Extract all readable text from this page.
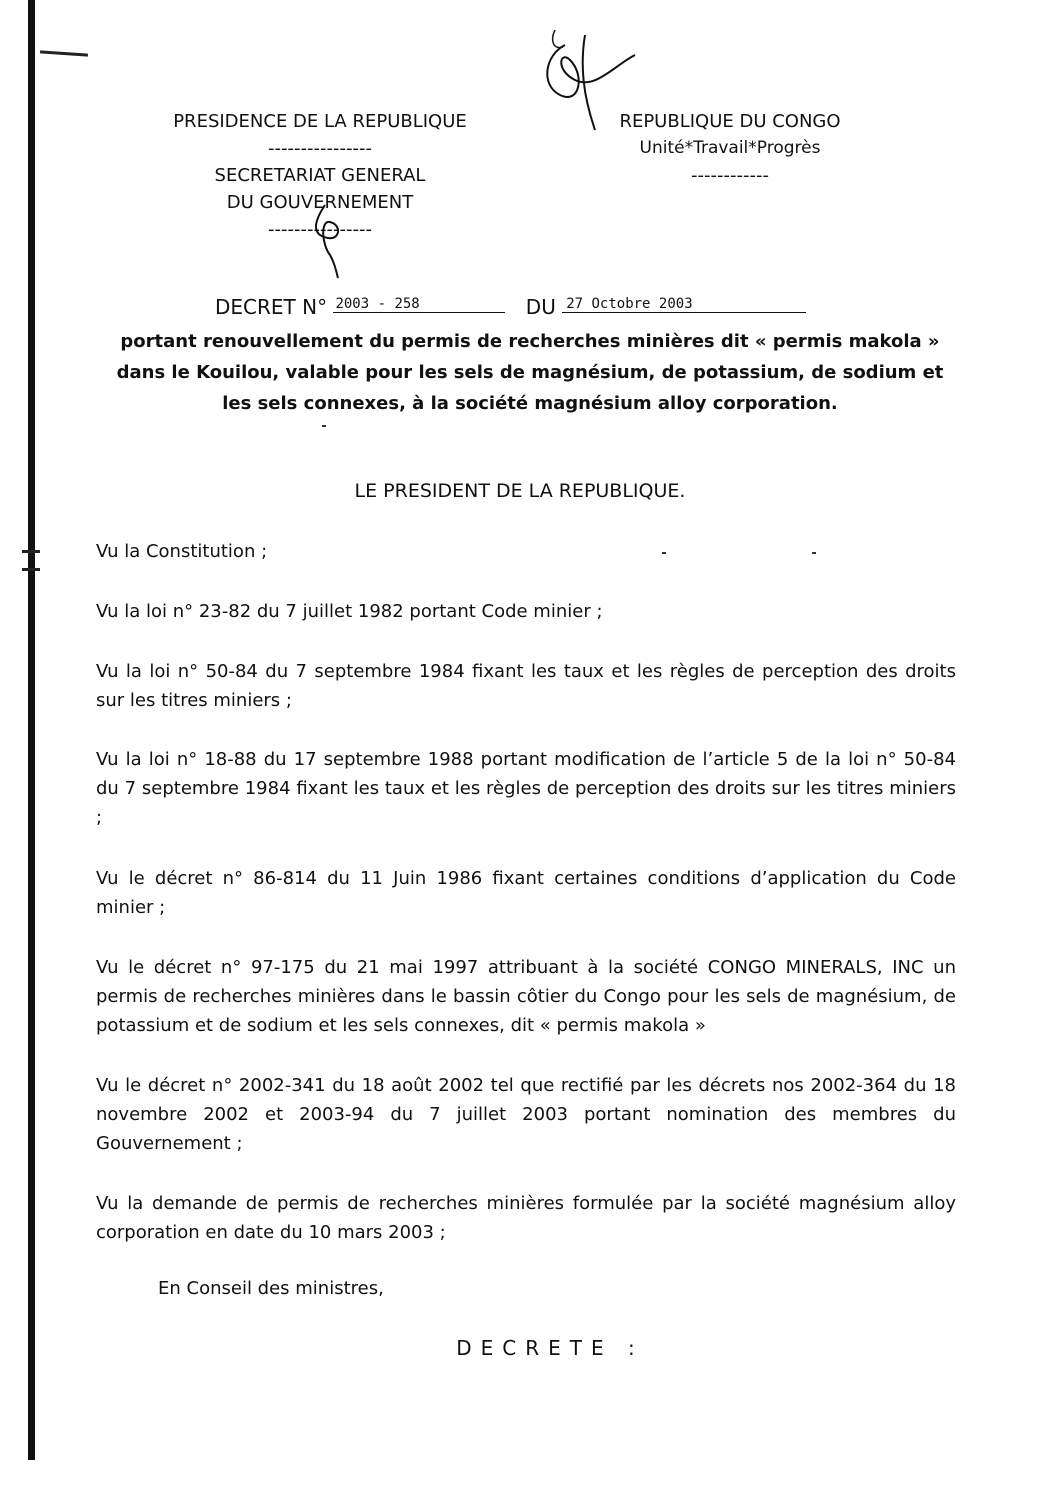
PRESIDENCE DE LA REPUBLIQUE
----------------
SECRETARIAT GENERAL
DU GOUVERNEMENT
----------------
REPUBLIQUE DU CONGO
Unité*Travail*Progrès
------------
DECRET N° 2003 - 258	DU 27 Octobre 2003
portant renouvellement du permis de recherches minières dit « permis makola »
dans le Kouilou, valable pour les sels de magnésium, de potassium, de sodium et
les sels connexes, à la société magnésium alloy corporation.
LE PRESIDENT DE LA REPUBLIQUE.

Vu la Constitution ;

Vu la loi n° 23-82 du 7 juillet 1982 portant Code minier ;

Vu la loi n° 50-84 du 7 septembre 1984 fixant les taux et les règles de perception des droits sur les titres miniers ;

Vu la loi n° 18-88 du 17 septembre 1988 portant modification de l’article 5 de la loi n° 50-84 du 7 septembre 1984 fixant les taux et les règles de perception des droits sur les titres miniers ;

Vu le décret n° 86-814 du 11 Juin 1986 fixant certaines conditions d’application du Code minier ;

Vu le décret n° 97-175 du 21 mai 1997 attribuant à la société CONGO MINERALS, INC un permis de recherches minières dans le bassin côtier du Congo pour les sels de magnésium, de potassium et de sodium et les sels connexes, dit « permis makola »

Vu le décret n° 2002-341 du 18 août 2002 tel que rectifié par les décrets nos 2002-364 du 18 novembre 2002 et 2003-94 du 7 juillet 2003 portant nomination des membres du Gouvernement ;

Vu la demande de permis de recherches minières formulée par la société magnésium alloy corporation en date du 10 mars 2003 ;

En Conseil des ministres,
DECRETE :
